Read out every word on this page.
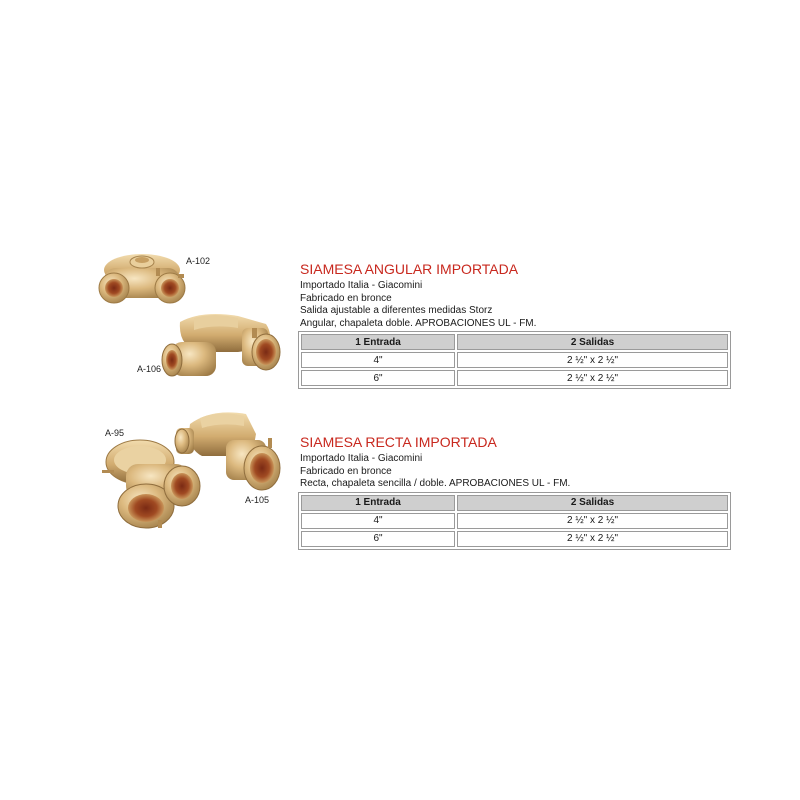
A-102
A-106
SIAMESA ANGULAR IMPORTADA
Importado Italia - Giacomini
Fabricado en bronce
Salida ajustable a diferentes medidas Storz
Angular, chapaleta doble. APROBACIONES UL - FM.
1 Entrada	2 Salidas
4"	2 ½" x 2 ½"
6"	2 ½" x 2 ½"
A-95
A-105
SIAMESA RECTA IMPORTADA
Importado Italia - Giacomini
Fabricado en bronce
Recta, chapaleta sencilla / doble. APROBACIONES UL - FM.
1 Entrada	2 Salidas
4"	2 ½" x 2 ½"
6"	2 ½" x 2 ½"
